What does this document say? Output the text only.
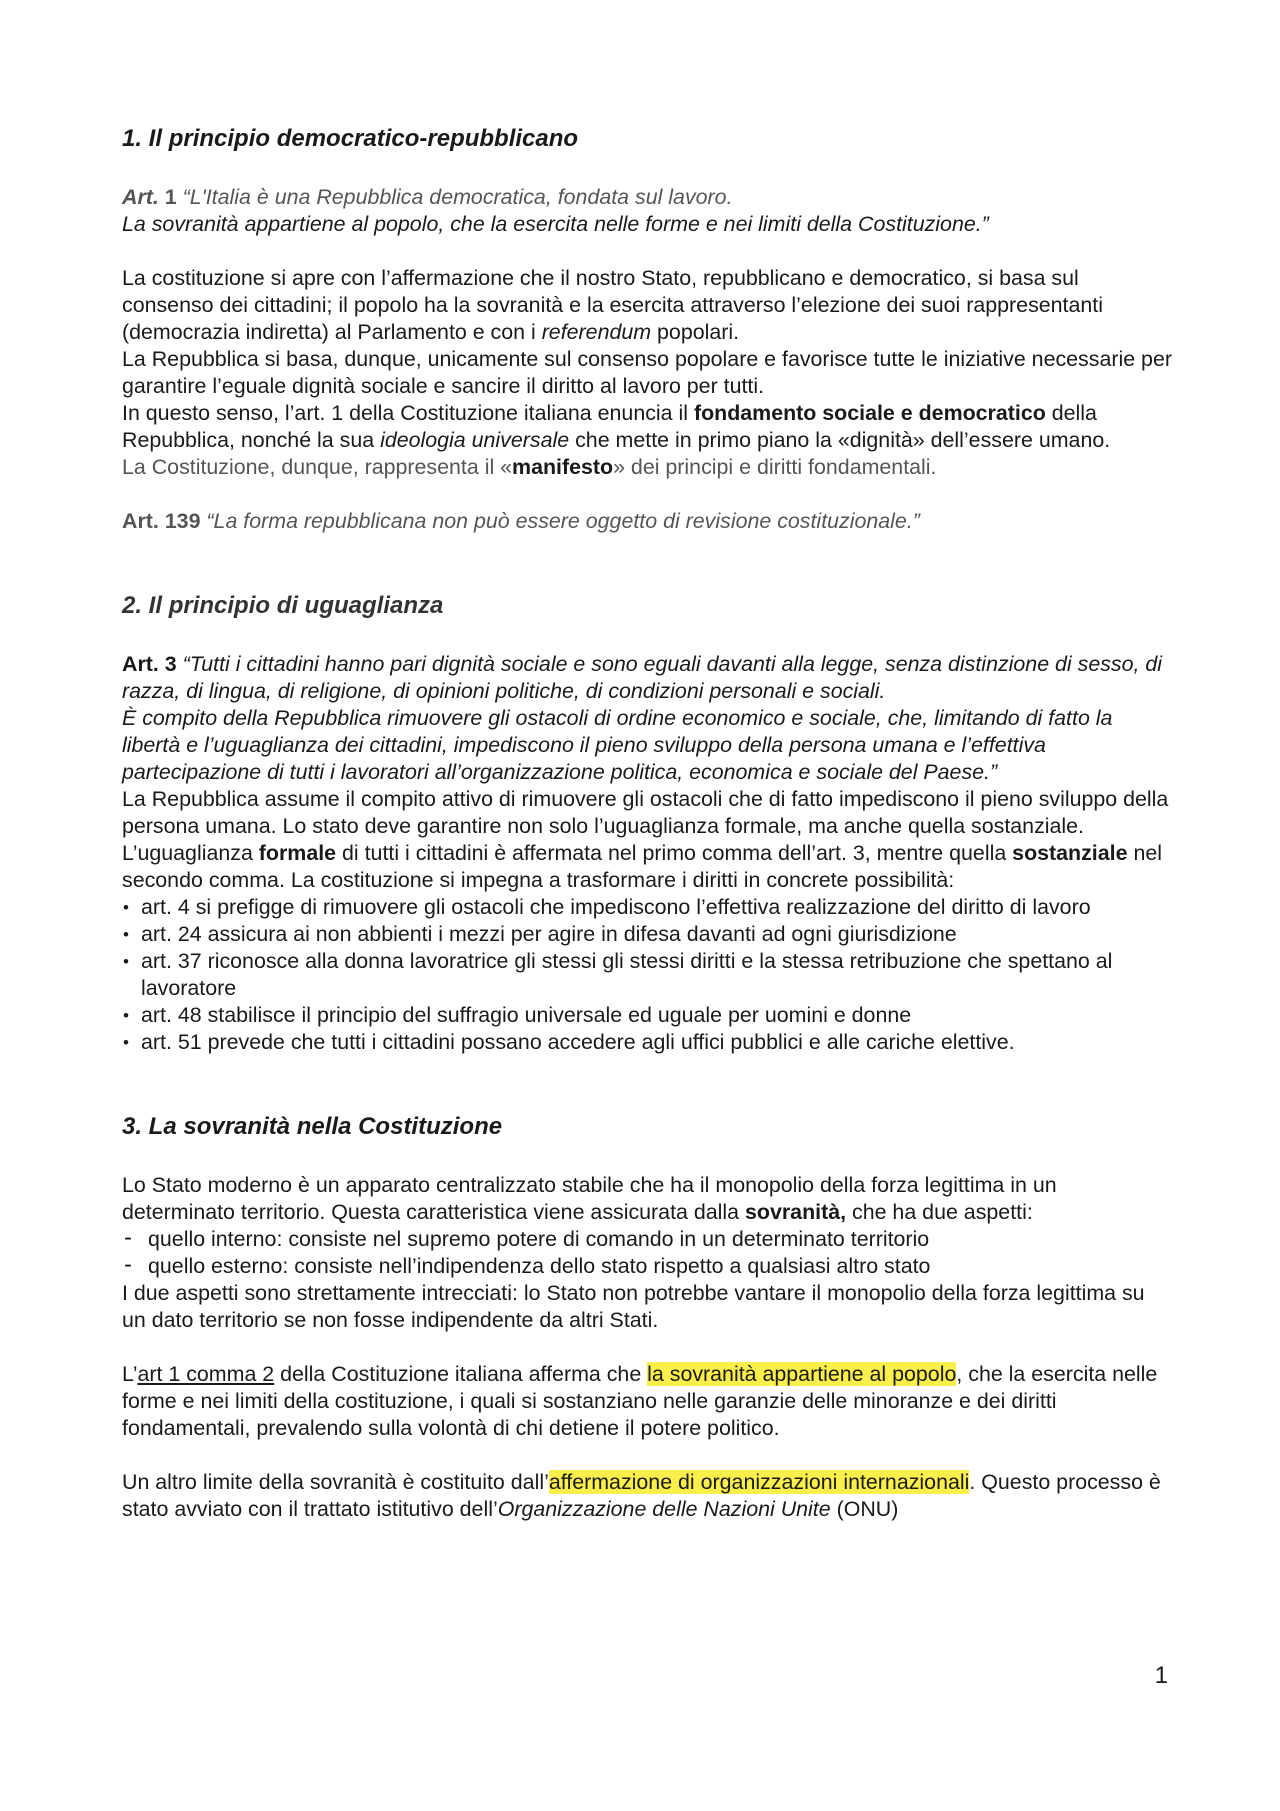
1. Il principio democratico-repubblicano

Art. 1 “L'Italia è una Repubblica democratica, fondata sul lavoro.

La sovranità appartiene al popolo, che la esercita nelle forme e nei limiti della Costituzione.”

La costituzione si apre con l’affermazione che il nostro Stato, repubblicano e democratico, si basa sul consenso dei cittadini; il popolo ha la sovranità e la esercita attraverso l’elezione dei suoi rappresentanti (democrazia indiretta) al Parlamento e con i referendum popolari.

La Repubblica si basa, dunque, unicamente sul consenso popolare e favorisce tutte le iniziative necessarie per garantire l’eguale dignità sociale e sancire il diritto al lavoro per tutti.

In questo senso, l’art. 1 della Costituzione italiana enuncia il fondamento sociale e democratico della Repubblica, nonché la sua ideologia universale che mette in primo piano la «dignità» dell’essere umano.

La Costituzione, dunque, rappresenta il «manifesto» dei principi e diritti fondamentali.

Art. 139 “La forma repubblicana non può essere oggetto di revisione costituzionale.”

2. Il principio di uguaglianza

Art. 3 “Tutti i cittadini hanno pari dignità sociale e sono eguali davanti alla legge, senza distinzione di sesso, di razza, di lingua, di religione, di opinioni politiche, di condizioni personali e sociali.

È compito della Repubblica rimuovere gli ostacoli di ordine economico e sociale, che, limitando di fatto la libertà e l’uguaglianza dei cittadini, impediscono il pieno sviluppo della persona umana e l’effettiva partecipazione di tutti i lavoratori all’organizzazione politica, economica e sociale del Paese.”

La Repubblica assume il compito attivo di rimuovere gli ostacoli che di fatto impediscono il pieno sviluppo della persona umana. Lo stato deve garantire non solo l’uguaglianza formale, ma anche quella sostanziale.

L’uguaglianza formale di tutti i cittadini è affermata nel primo comma dell’art. 3, mentre quella sostanziale nel secondo comma. La costituzione si impegna a trasformare i diritti in concrete possibilità:

• art. 4 si prefigge di rimuovere gli ostacoli che impediscono l’effettiva realizzazione del diritto di lavoro
• art. 24 assicura ai non abbienti i mezzi per agire in difesa davanti ad ogni giurisdizione
• art. 37 riconosce alla donna lavoratrice gli stessi gli stessi diritti e la stessa retribuzione che spettano al lavoratore
• art. 48 stabilisce il principio del suffragio universale ed uguale per uomini e donne
• art. 51 prevede che tutti i cittadini possano accedere agli uffici pubblici e alle cariche elettive.
3. La sovranità nella Costituzione

Lo Stato moderno è un apparato centralizzato stabile che ha il monopolio della forza legittima in un determinato territorio. Questa caratteristica viene assicurata dalla sovranità, che ha due aspetti:

- quello interno: consiste nel supremo potere di comando in un determinato territorio
- quello esterno: consiste nell’indipendenza dello stato rispetto a qualsiasi altro stato

I due aspetti sono strettamente intrecciati: lo Stato non potrebbe vantare il monopolio della forza legittima su un dato territorio se non fosse indipendente da altri Stati.

L’art 1 comma 2 della Costituzione italiana afferma che la sovranità appartiene al popolo, che la esercita nelle forme e nei limiti della costituzione, i quali si sostanziano nelle garanzie delle minoranze e dei diritti fondamentali, prevalendo sulla volontà di chi detiene il potere politico.

Un altro limite della sovranità è costituito dall’affermazione di organizzazioni internazionali. Questo processo è stato avviato con il trattato istitutivo dell’Organizzazione delle Nazioni Unite (ONU)

1
